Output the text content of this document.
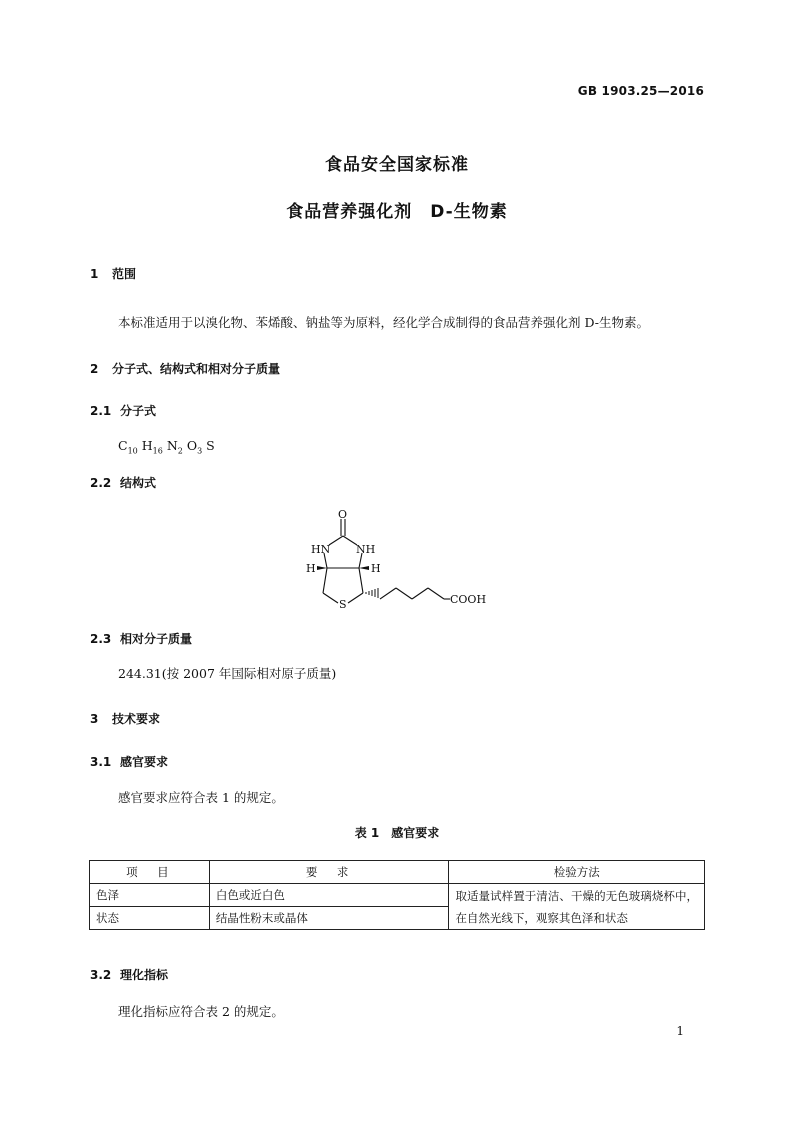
GB 1903.25—2016
食品安全国家标准
食品营养强化剂　D-生物素
1 范围
本标准适用于以溴化物、苯烯酸、钠盐等为原料，经化学合成制得的食品营养强化剂 D-生物素。
2 分子式、结构式和相对分子质量
2.1 分子式
$C_{10}$ $H_{16}$ $N_2$ $O_3$ S
2.2 结构式
O
HN NH
H	H
S	COOH
2.3 相对分子质量
244.31(按 2007 年国际相对原子质量)
3 技术要求
3.1 感官要求
感官要求应符合表 1 的规定。
表 1　感官要求
项　目	要　求	检验方法
色泽	白色或近白色	取适量试样置于清洁、干燥的无色玻璃烧杯中，在自然光线下，观察其色泽和状态
状态	结晶性粉末或晶体	
3.2 理化指标
理化指标应符合表 2 的规定。
1
